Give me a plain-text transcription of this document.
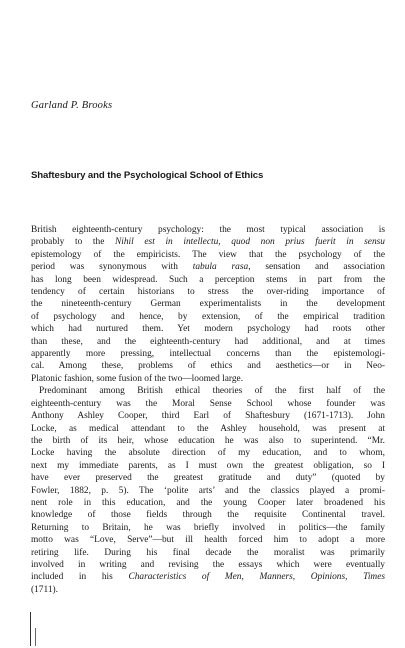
Garland P. Brooks
Shaftesbury and the Psychological School of Ethics
British eighteenth-century psychology: the most typical association is
probably to the Nihil est in intellectu, quod non prius fuerit in sensu
epistemology of the empiricists. The view that the psychology of the
period was synonymous with tabula rasa, sensation and association
has long been widespread. Such a perception stems in part from the
tendency of certain historians to stress the over-riding importance of
the nineteenth-century German experimentalists in the development
of psychology and hence, by extension, of the empirical tradition
which had nurtured them. Yet modern psychology had roots other
than these, and the eighteenth-century had additional, and at times
apparently more pressing, intellectual concerns than the epistemologi-
cal. Among these, problems of ethics and aesthetics—or in Neo-
Platonic fashion, some fusion of the two—loomed large.
Predominant among British ethical theories of the first half of the
eighteenth-century was the Moral Sense School whose founder was
Anthony Ashley Cooper, third Earl of Shaftesbury (1671-1713). John
Locke, as medical attendant to the Ashley household, was present at
the birth of its heir, whose education he was also to superintend. “Mr.
Locke having the absolute direction of my education, and to whom,
next my immediate parents, as I must own the greatest obligation, so I
have ever preserved the greatest gratitude and duty” (quoted by
Fowler, 1882, p. 5). The ‘polite arts’ and the classics played a promi-
nent role in this education, and the young Cooper later broadened his
knowledge of those fields through the requisite Continental travel.
Returning to Britain, he was briefly involved in politics—the family
motto was “Love, Serve”—but ill health forced him to adopt a more
retiring life. During his final decade the moralist was primarily
involved in writing and revising the essays which were eventually
included in his Characteristics of Men, Manners, Opinions, Times
(1711).
